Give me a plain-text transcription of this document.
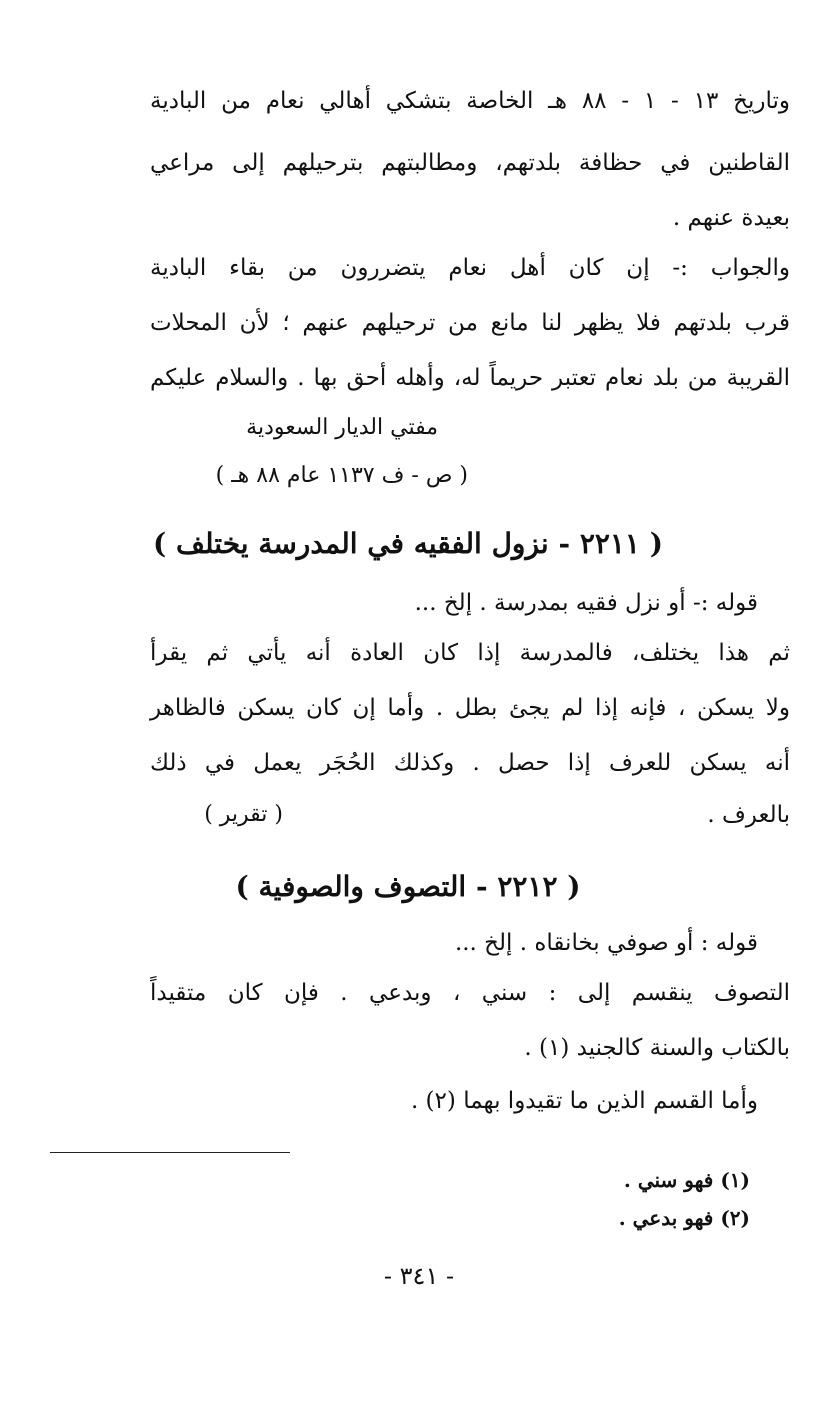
وتاريخ ١٣ - ١ - ٨٨ هـ الخاصة بتشكي أهالي نعام من البادية
القاطنين في حظافة بلدتهم، ومطالبتهم بترحيلهم إلى مراعي
بعيدة عنهم .
والجواب :- إن كان أهل نعام يتضررون من بقاء البادية
قرب بلدتهم فلا يظهر لنا مانع من ترحيلهم عنهم ؛ لأن المحلات
القريبة من بلد نعام تعتبر حريماً له، وأهله أحق بها . والسلام عليكم
مفتي الديار السعودية
( ص - ف ١١٣٧ عام ٨٨ هـ )
( ٢٢١١ - نزول الفقيه في المدرسة يختلف )
قوله :- أو نزل فقيه بمدرسة . إلخ ...
ثم هذا يختلف، فالمدرسة إذا كان العادة أنه يأتي ثم يقرأ
ولا يسكن ، فإنه إذا لم يجئ بطل . وأما إن كان يسكن فالظاهر
أنه يسكن للعرف إذا حصل . وكذلك الحُجَر يعمل في ذلك
بالعرف .
( تقرير )
( ٢٢١٢ - التصوف والصوفية )
قوله : أو صوفي بخانقاه . إلخ ...
التصوف ينقسم إلى : سني ، وبدعي . فإن كان متقيداً
بالكتاب والسنة كالجنيد (١) .
وأما القسم الذين ما تقيدوا بهما (٢) .
(١) فهو سني .
(٢) فهو بدعي .
- ٣٤١ -
